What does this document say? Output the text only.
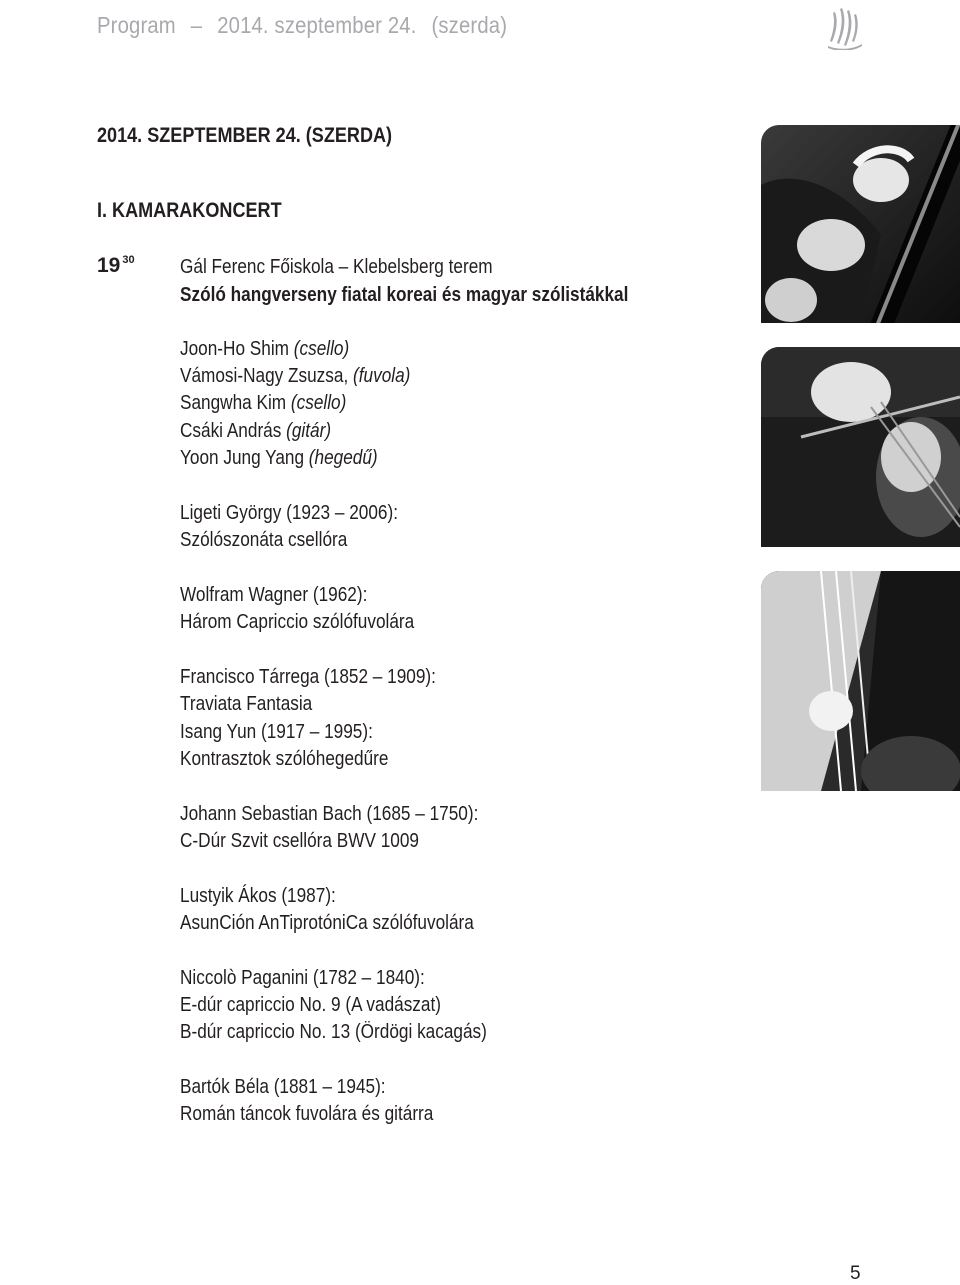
Program – 2014. szeptember 24. (szerda)
2014. SZEPTEMBER 24. (SZERDA)
I. KAMARAKONCERT
19 $^{30}$ Gál Ferenc Főiskola – Klebelsberg terem
Szóló hangverseny fiatal koreai és magyar szólistákkal
Joon-Ho Shim (csello)
Vámosi-Nagy Zsuzsa, (fuvola)
Sangwha Kim (csello)
Csáki András (gitár)
Yoon Jung Yang (hegedű)
Ligeti György (1923 – 2006):
Szólószonáta csellóra
Wolfram Wagner (1962):
Három Capriccio szólófuvolára
Francisco Tárrega (1852 – 1909):
Traviata Fantasia
Isang Yun (1917 – 1995):
Kontrasztok szólóhegedűre
Johann Sebastian Bach (1685 – 1750):
C-Dúr Szvit csellóra BWV 1009
Lustyik Ákos (1987):
AsunCión AnTiprotóniCa szólófuvolára
Niccolò Paganini (1782 – 1840):
E-dúr capriccio No. 9 (A vadászat)
B-dúr capriccio No. 13 (Ördögi kacagás)
Bartók Béla (1881 – 1945):
Román táncok fuvolára és gitárra
5
